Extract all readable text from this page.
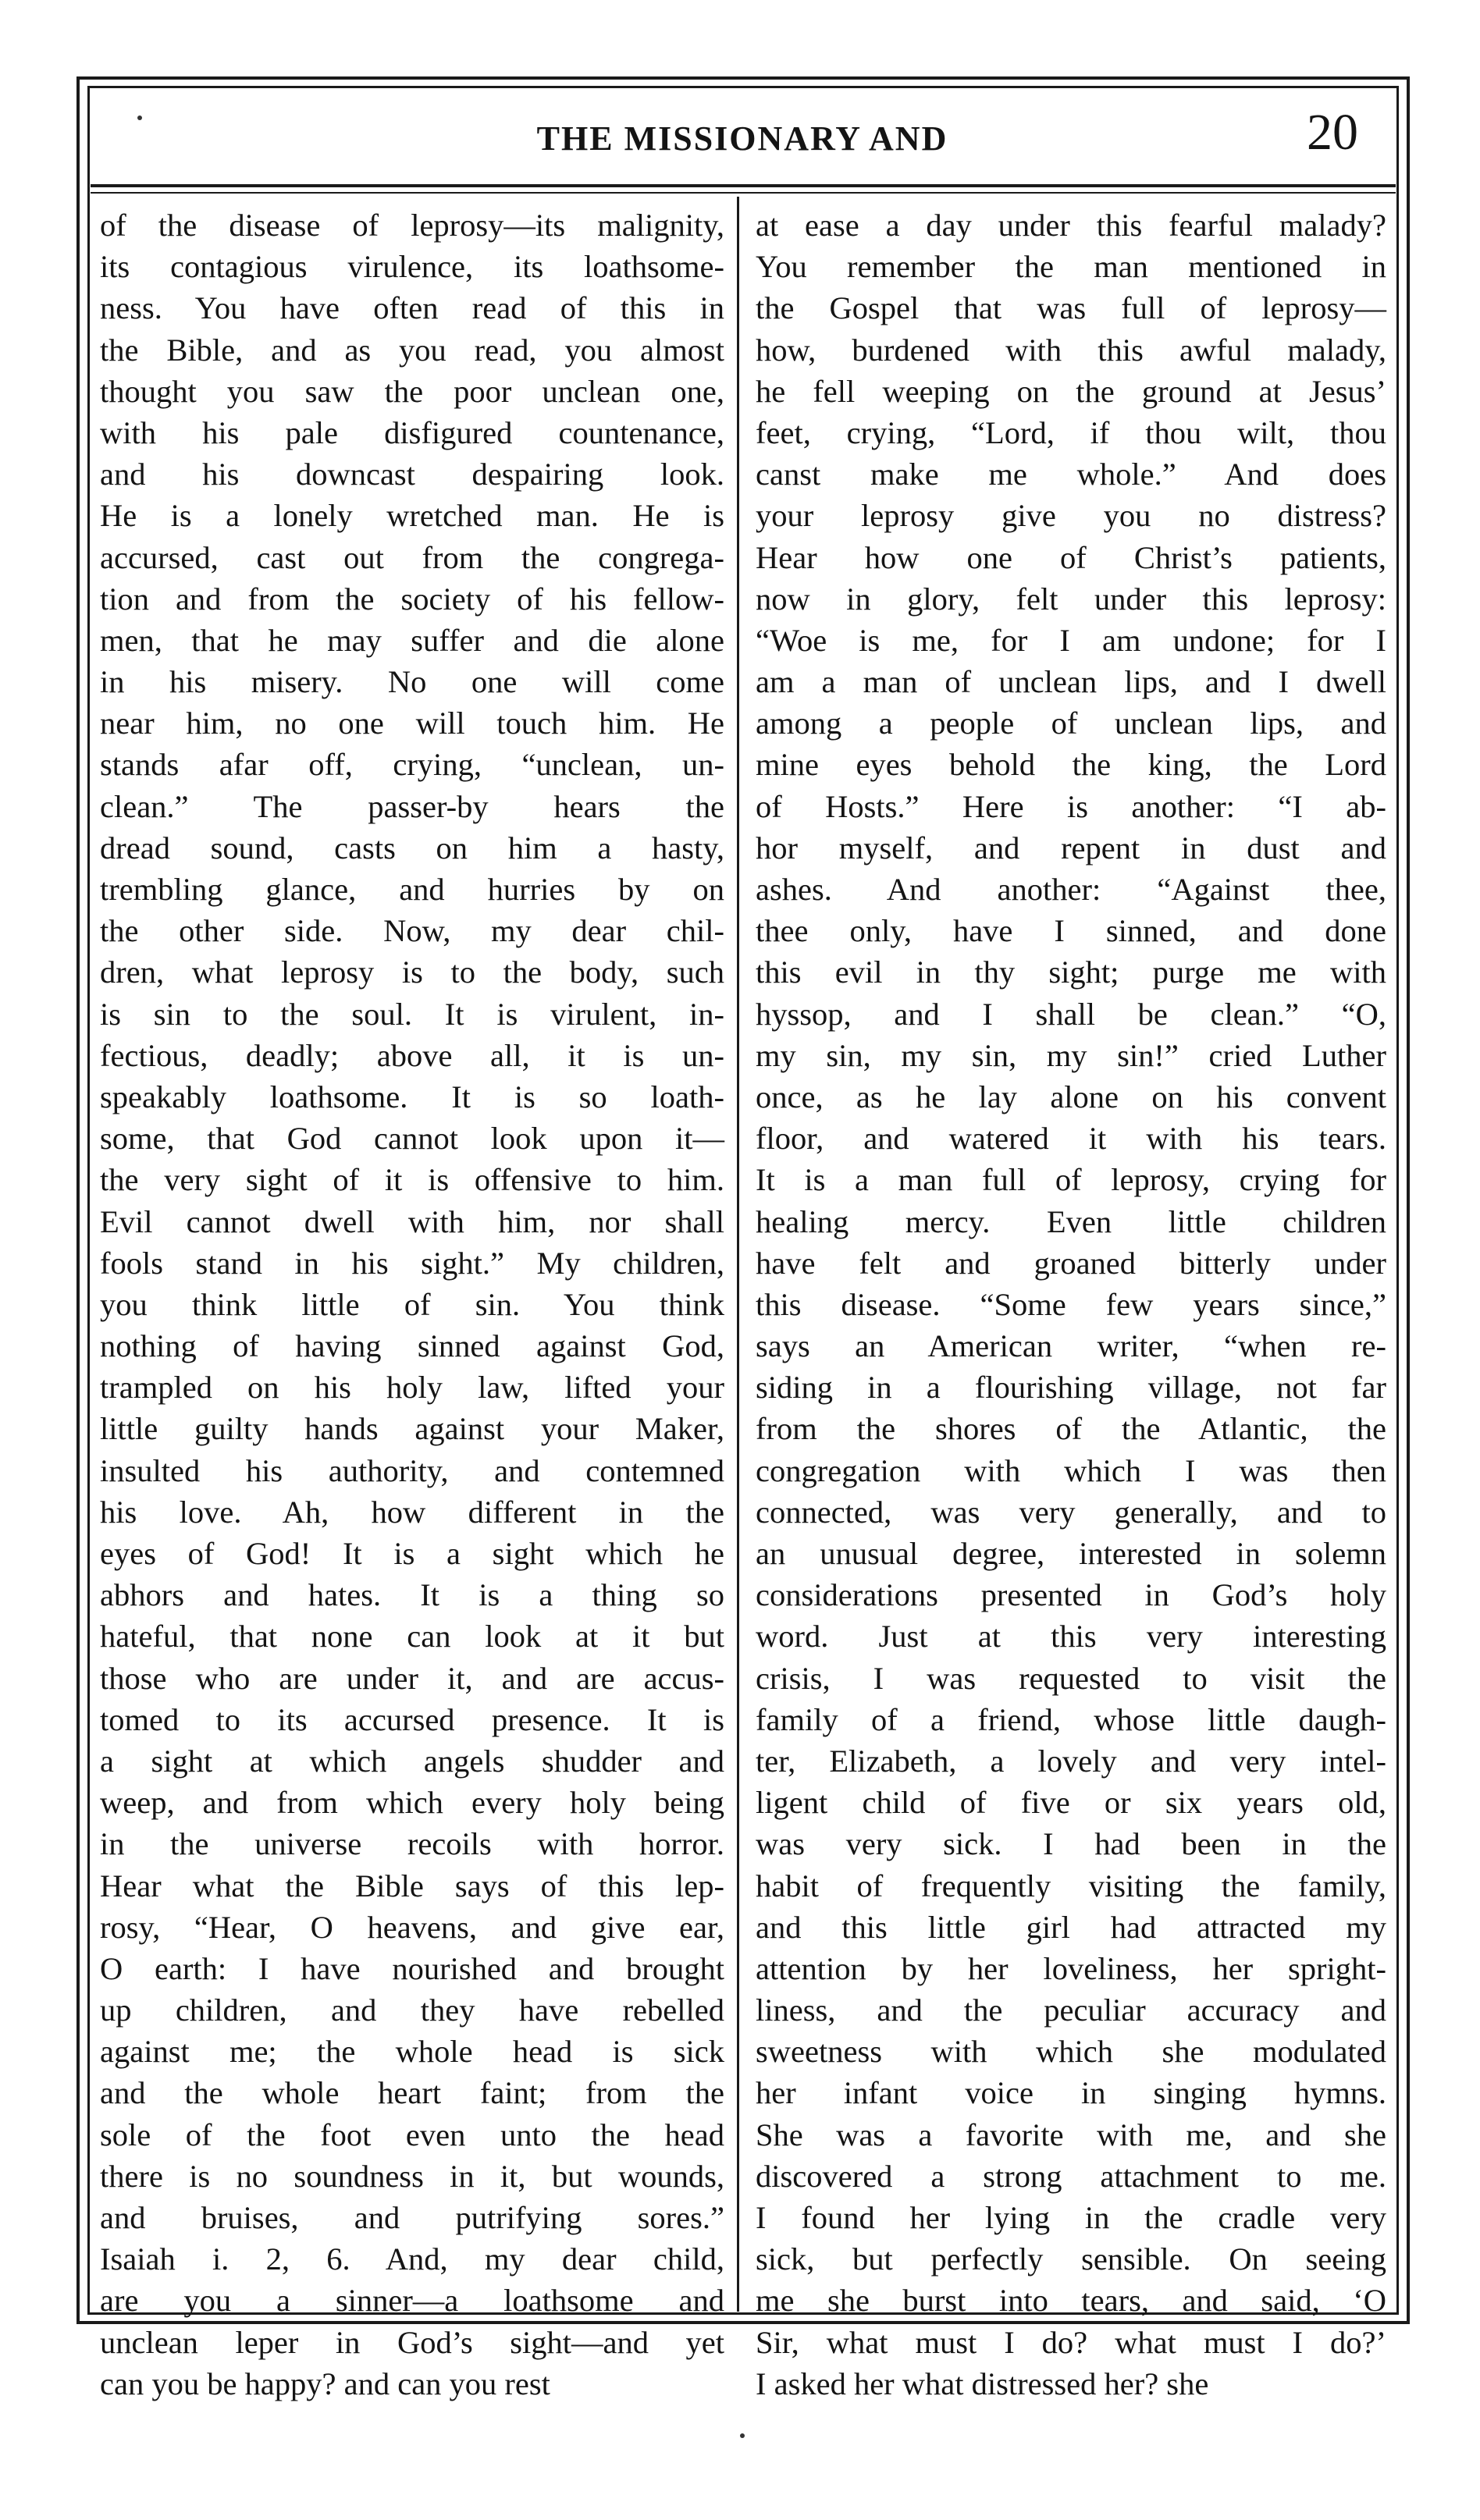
THE MISSIONARY AND	20
of the disease of leprosy—its malignity,
its contagious virulence, its loathsome-
ness. You have often read of this in
the Bible, and as you read, you almost
thought you saw the poor unclean one,
with his pale disfigured countenance,
and his downcast despairing look.
He is a lonely wretched man. He is
accursed, cast out from the congrega-
tion and from the society of his fellow-
men, that he may suffer and die alone
in his misery. No one will come
near him, no one will touch him. He
stands afar off, crying, “unclean, un-
clean.” The passer-by hears the
dread sound, casts on him a hasty,
trembling glance, and hurries by on
the other side. Now, my dear chil-
dren, what leprosy is to the body, such
is sin to the soul. It is virulent, in-
fectious, deadly; above all, it is un-
speakably loathsome. It is so loath-
some, that God cannot look upon it—
the very sight of it is offensive to him.
Evil cannot dwell with him, nor shall
fools stand in his sight.” My children,
you think little of sin. You think
nothing of having sinned against God,
trampled on his holy law, lifted your
little guilty hands against your Maker,
insulted his authority, and contemned
his love. Ah, how different in the
eyes of God! It is a sight which he
abhors and hates. It is a thing so
hateful, that none can look at it but
those who are under it, and are accus-
tomed to its accursed presence. It is
a sight at which angels shudder and
weep, and from which every holy being
in the universe recoils with horror.
Hear what the Bible says of this lep-
rosy, “Hear, O heavens, and give ear,
O earth: I have nourished and brought
up children, and they have rebelled
against me; the whole head is sick
and the whole heart faint; from the
sole of the foot even unto the head
there is no soundness in it, but wounds,
and bruises, and putrifying sores.”
Isaiah i. 2, 6. And, my dear child,
are you a sinner—a loathsome and
unclean leper in God’s sight—and yet
can you be happy? and can you rest
at ease a day under this fearful malady?
You remember the man mentioned in
the Gospel that was full of leprosy—
how, burdened with this awful malady,
he fell weeping on the ground at Jesus’
feet, crying, “Lord, if thou wilt, thou
canst make me whole.” And does
your leprosy give you no distress?
Hear how one of Christ’s patients,
now in glory, felt under this leprosy:
“Woe is me, for I am undone; for I
am a man of unclean lips, and I dwell
among a people of unclean lips, and
mine eyes behold the king, the Lord
of Hosts.” Here is another: “I ab-
hor myself, and repent in dust and
ashes. And another: “Against thee,
thee only, have I sinned, and done
this evil in thy sight; purge me with
hyssop, and I shall be clean.” “O,
my sin, my sin, my sin!” cried Luther
once, as he lay alone on his convent
floor, and watered it with his tears.
It is a man full of leprosy, crying for
healing mercy. Even little children
have felt and groaned bitterly under
this disease. “Some few years since,”
says an American writer, “when re-
siding in a flourishing village, not far
from the shores of the Atlantic, the
congregation with which I was then
connected, was very generally, and to
an unusual degree, interested in solemn
considerations presented in God’s holy
word. Just at this very interesting
crisis, I was requested to visit the
family of a friend, whose little daugh-
ter, Elizabeth, a lovely and very intel-
ligent child of five or six years old,
was very sick. I had been in the
habit of frequently visiting the family,
and this little girl had attracted my
attention by her loveliness, her spright-
liness, and the peculiar accuracy and
sweetness with which she modulated
her infant voice in singing hymns.
She was a favorite with me, and she
discovered a strong attachment to me.
I found her lying in the cradle very
sick, but perfectly sensible. On seeing
me she burst into tears, and said, ‘O
Sir, what must I do? what must I do?’
I asked her what distressed her? she
